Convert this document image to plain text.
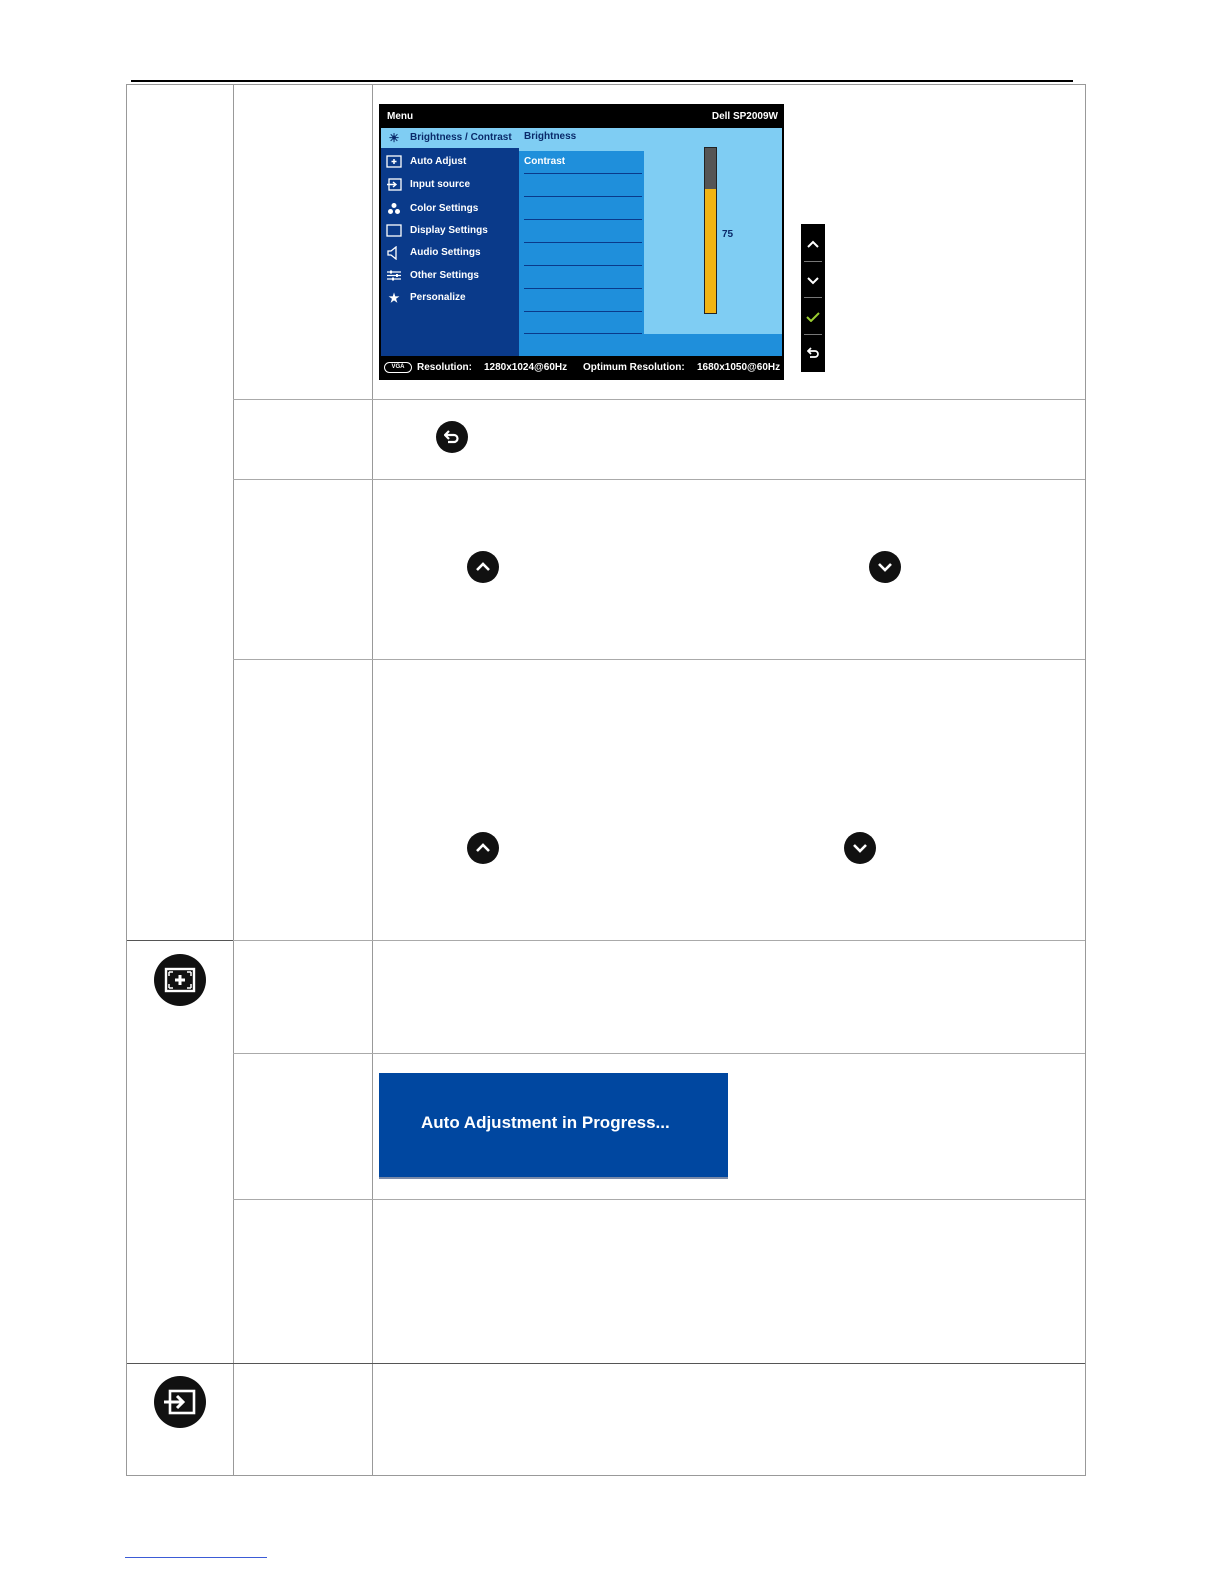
Menu	Dell SP2009W
☀ Brightness / Contrast
Auto Adjust
Input source
Color Settings
Display Settings
Audio Settings
Other Settings
★ Personalize
Brightness
Contrast
75
VGA	Resolution: 1280x1024@60Hz Optimum Resolution: 1680x1050@60Hz
Auto Adjustment in Progress...
